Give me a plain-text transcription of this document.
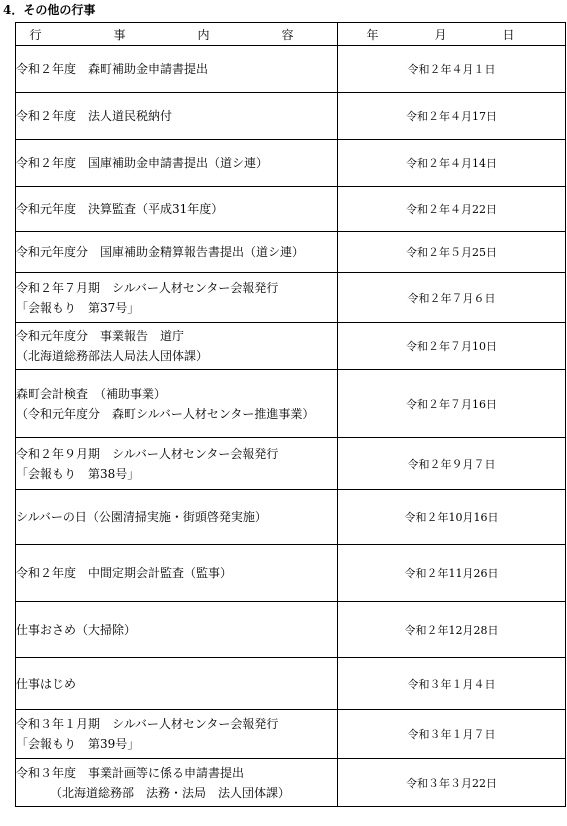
4．その他の行事
行　事　内　容	年　月　日

令和２年度　森町補助金申請書提出	令和２年４月１日

令和２年度　法人道民税納付	令和２年４月17日

令和２年度　国庫補助金申請書提出（道シ連）	令和２年４月14日

令和元年度　決算監査（平成31年度）	令和２年４月22日

令和元年度分　国庫補助金精算報告書提出（道シ連）	令和２年５月25日

令和２年７月期　シルバー人材センター会報発行
「会報もり　第37号」	令和２年７月６日

令和元年度分　事業報告　道庁
（北海道総務部法人局法人団体課）	令和２年７月10日

森町会計検査　（補助事業）
（令和元年度分　森町シルバー人材センター推進事業）	令和２年７月16日

令和２年９月期　シルバー人材センター会報発行
「会報もり　第38号」	令和２年９月７日

シルバーの日（公園清掃実施・街頭啓発実施）	令和２年10月16日

令和２年度　中間定期会計監査（監事）	令和２年11月26日

仕事おさめ（大掃除）	令和２年12月28日

仕事はじめ	令和３年１月４日

令和３年１月期　シルバー人材センター会報発行
「会報もり　第39号」	令和３年１月７日

令和３年度　事業計画等に係る申請書提出
（北海道総務部　法務・法局　法人団体課）	令和３年３月22日
